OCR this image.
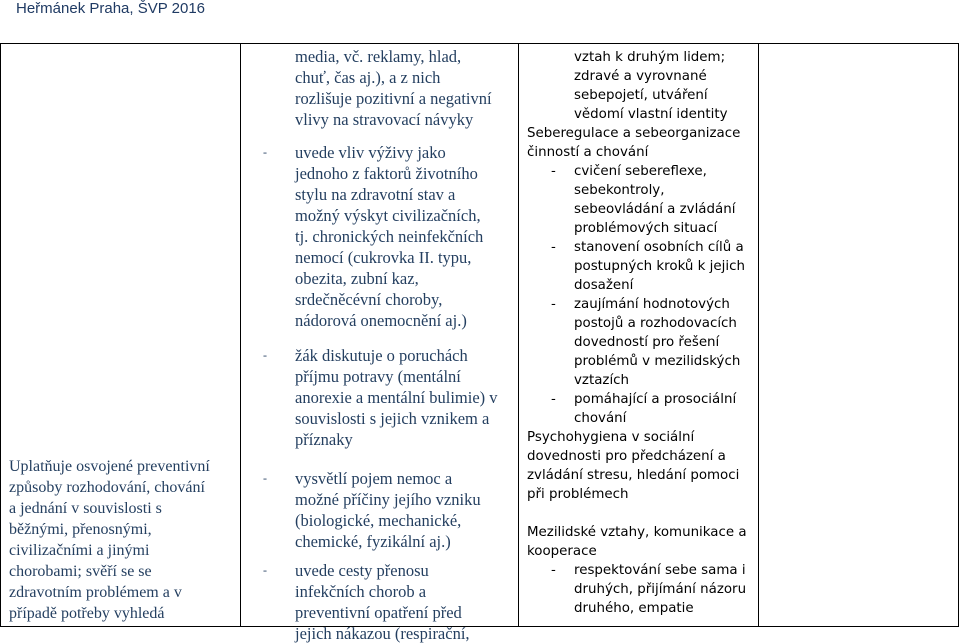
Heřmánek Praha, ŠVP 2016
Uplatňuje osvojené preventivní
způsoby rozhodování, chování
a jednání v souvislosti s
běžnými, přenosnými,
civilizačními a jinými
chorobami; svěří se se
zdravotním problémem a v
případě potřeby vyhledá
media, vč. reklamy, hlad,
chuť, čas aj.), a z nich
rozlišuje pozitivní a negativní
vlivy na stravovací návyky
- uvede vliv výživy jako
jednoho z faktorů životního
stylu na zdravotní stav a
možný výskyt civilizačních,
tj. chronických neinfekčních
nemocí (cukrovka II. typu,
obezita, zubní kaz,
srdečněcévní choroby,
nádorová onemocnění aj.)
- žák diskutuje o poruchách
příjmu potravy (mentální
anorexie a mentální bulimie) v
souvislosti s jejich vznikem a
příznaky
- vysvětlí pojem nemoc a
možné příčiny jejího vzniku
(biologické, mechanické,
chemické, fyzikální aj.)
- uvede cesty přenosu
infekčních chorob a
preventivní opatření před
jejich nákazou (respirační,
vztah k druhým lidem;
zdravé a vyrovnané
sebepojetí, utváření
vědomí vlastní identity
Seberegulace a sebeorganizace
činností a chování
- cvičení sebereflexe,
sebekontroly,
sebeovládání a zvládání
problémových situací
- stanovení osobních cílů a
postupných kroků k jejich
dosažení
- zaujímání hodnotových
postojů a rozhodovacích
dovedností pro řešení
problémů v mezilidských
vztazích
- pomáhající a prosociální
chování
Psychohygiena v sociální
dovednosti pro předcházení a
zvládání stresu, hledání pomoci
při problémech
Mezilidské vztahy, komunikace a
kooperace
- respektování sebe sama i
druhých, přijímání názoru
druhého, empatie
